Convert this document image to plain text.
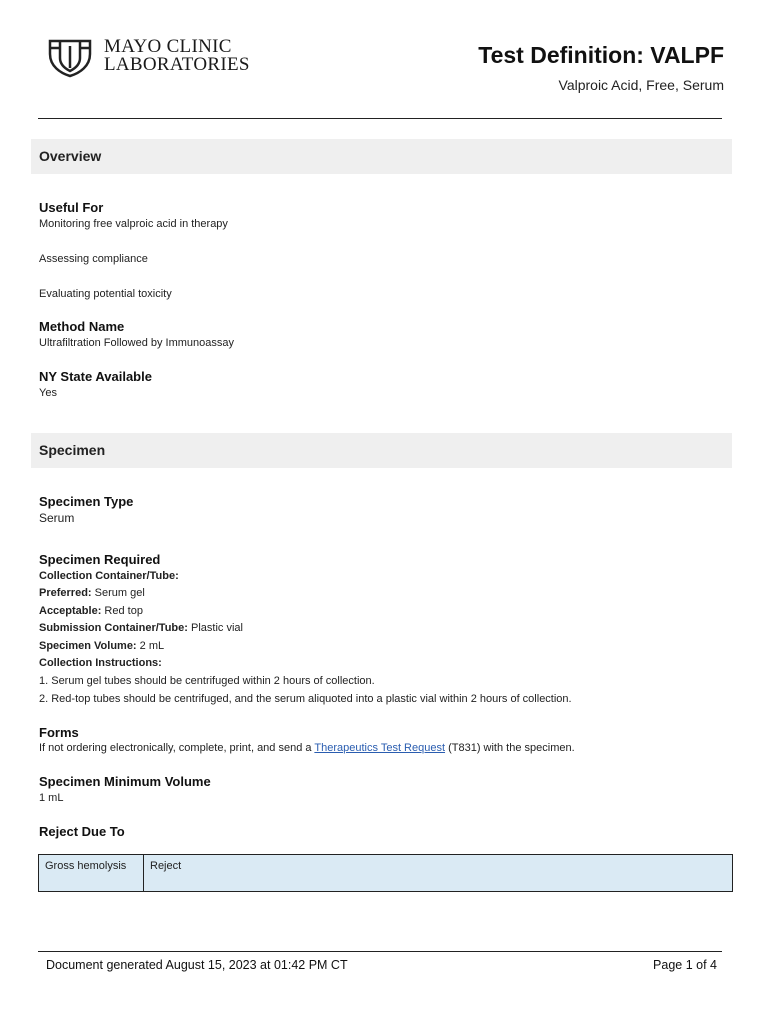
MAYO CLINIC
LABORATORIES	Test Definition: VALPF
Valproic Acid, Free, Serum
Overview
Useful For
Monitoring free valproic acid in therapy
Assessing compliance
Evaluating potential toxicity
Method Name
Ultrafiltration Followed by Immunoassay
NY State Available
Yes
Specimen
Specimen Type
Serum
Specimen Required
Collection Container/Tube:
Preferred: Serum gel
Acceptable: Red top
Submission Container/Tube: Plastic vial
Specimen Volume: 2 mL
Collection Instructions:
1. Serum gel tubes should be centrifuged within 2 hours of collection.
2. Red-top tubes should be centrifuged, and the serum aliquoted into a plastic vial within 2 hours of collection.
Forms
If not ordering electronically, complete, print, and send a Therapeutics Test Request (T831) with the specimen.
Specimen Minimum Volume
1 mL
Reject Due To
Gross hemolysis	Reject
Document generated August 15, 2023 at 01:42 PM CT	Page 1 of 4
